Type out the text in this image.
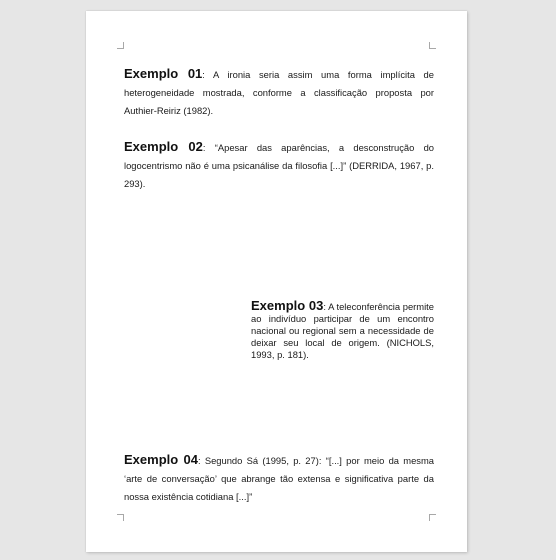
Exemplo 01: A ironia seria assim uma forma implícita de heterogeneidade mostrada, conforme a classificação proposta por Authier-Reiriz (1982).

Exemplo 02: “Apesar das aparências, a desconstrução do logocentrismo não é uma psicanálise da filosofia [...]” (DERRIDA, 1967, p. 293).

Exemplo 03: A teleconferência permite ao indivíduo participar de um encontro nacional ou regional sem a necessidade de deixar seu local de origem. (NICHOLS, 1993, p. 181).

Exemplo 04: Segundo Sá (1995, p. 27): “[...] por meio da mesma ‘arte de conversação’ que abrange tão extensa e significativa parte da nossa existência cotidiana [...]”
